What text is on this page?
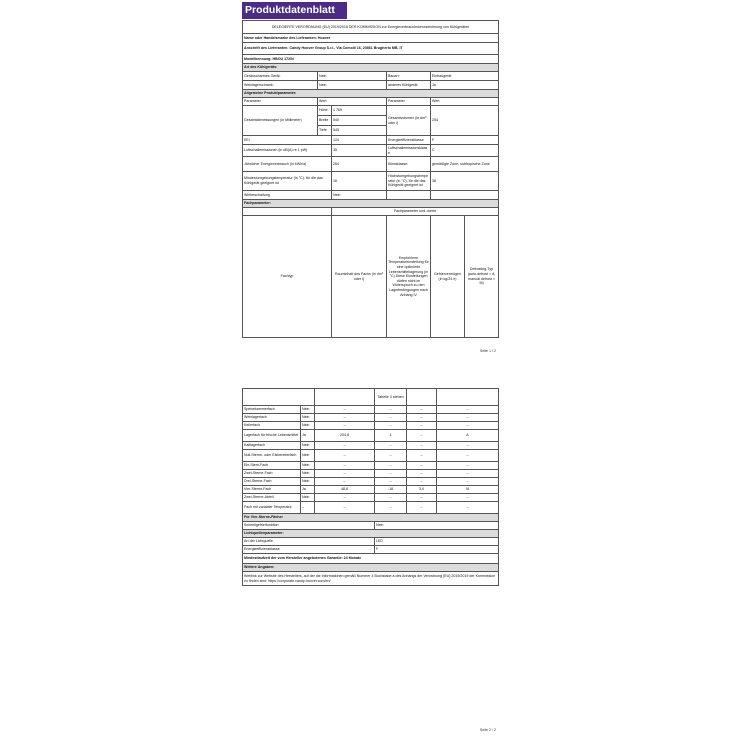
Produktdatenblatt
DELEGIERTE VERORDNUNG (EU) 2019/2016 DER KOMMISSION zur Energieverbrauchskennzeichnung von Kühlgeräten					
Name oder Handelsmarke des Lieferanten: Hoover					
Anschrift des Lieferanten: Candy Hoover Group S.r.l., Via Comolli 16, 20861 Brugherio MB, IT					
Modellkennung: HBOU 172/N					
Art des Kühlgeräts:					
Geräuscharmes Gerät:	Nein		Bauart:	Einbaugerät	
Weinlagerschrank:	Nein		anderes Kühlgerät:	Ja	
Allgemeine Produktparameter:					
Parameter	Wert		Parameter	Wert	
Gesamtabmessungen (in Millimeter)	Höhe	1 769	Gesamtvolumen (in dm³ oder l)	254	
	Breite	540			
	Tiefe	545			
EEI		124	Energieeffizienzklasse	F	
Luftschallemissionen (in dB(A) re 1 pW)		35	Luftschallemissionsklasse	C	
Jährlicher Energieverbrauch (in kWh/a)		264	Klimaklasse:	gemäßigte Zone, subtropische Zone	
Mindestumgebungstemperatur (in °C), für die das Kühlgerät geeignet ist		16	Höchstumgebungstemperatur (in °C), für die das Kühlgerät geeignet ist	38	
Winterschaltung		Nein			
Fachparameter:					
		Fachparameter und -werte			
Fachtyp		Rauminhalt des Fachs (in dm³ oder l)	Empfohlene Temperatureinstellung für eine optimierte Lebensmittellagerung (in °C) Diese Einstellungen dürfen nicht im Widerspruch zu den Lagerbedingungen nach Anhang IV	Gefriervermögen (in kg/24 h)	Defrosting-Typ (auto-defrost = A, manual defrost = M)
Seite 1 / 2
			Tabelle 3 stehen		
Speisekammerfach	Nein	–	–	–	–
Weinlagerfach	Nein	–	–	–	–
Kellerfach	Nein	–	–	–	–
Lagerfach für frische Lebensmittel	Ja	204,8	4	–	A
Kaltlagerfach	Nein	–	–	–	–
Null-Sterne- oder Eisbereiterfach	Nein	–	–	–	–
Ein-Stern-Fach	Nein	–	–	–	–
Zwei-Sterne-Fach	Nein	–	–	–	–
Drei-Sterne-Fach	Nein	–	–	–	–
Vier-Sterne-Fach	Ja	48,8	-18	3,0	M
Zwei-Sterne-Abteil	Nein	–	–	–	–
Fach mit variabler Temperatur	–	–	–	–	–
Für Vier-Sterne-Fächer					
Schnellgefrierfunktion			Nein		
Lichtquellenparameter:					
Art der Lichtquelle			LED		
Energieeffizienzklasse			F		
Mindestlaufzeit der vom Hersteller angebotenen Garantie: 24 Monate					
Weitere Angaben:					
Weblink zur Website des Herstellers, auf der die Informationen gemäß Nummer 4 Buchstabe a des Anhangs der Verordnung (EU) 2019/2019 der Kommission zu finden sind: https://corporate.candy-hoover.com/en/					
Seite 2 / 2
